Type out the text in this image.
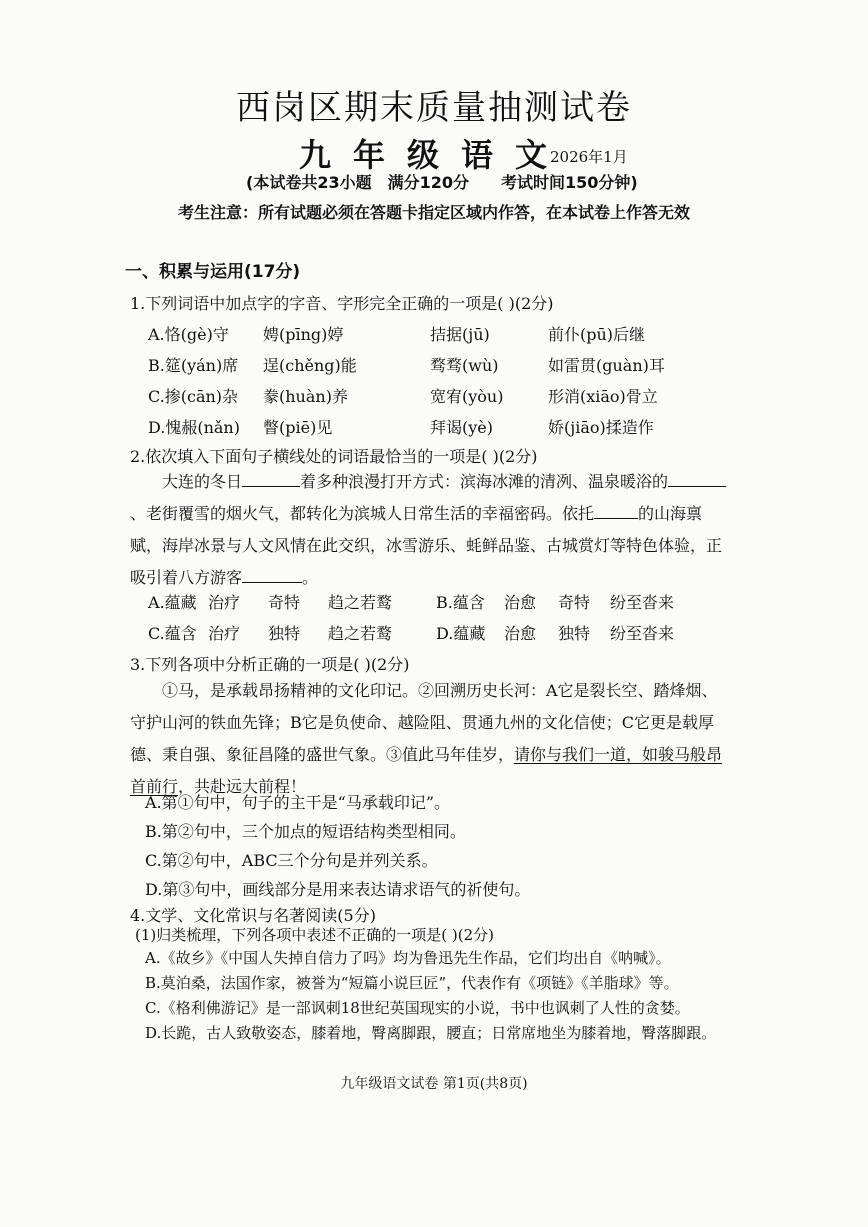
西岗区期末质量抽测试卷
九年级语文
2026年1月
(本试卷共23小题　满分120分　　考试时间150分钟)
考生注意：所有试题必须在答题卡指定区域内作答，在本试卷上作答无效
一、积累与运用(17分)
1.下列词语中加点字的字音、字形完全正确的一项是( )(2分)
A.恪(gè)守 娉(pīng)婷	拮据(jū)	前仆(pū)后继
B.筵(yán)席 逞(chěng)能	骛骛(wù)	如雷贯(guàn)耳
C.掺(cān)杂 豢(huàn)养	宽宥(yòu)	形消(xiāo)骨立
D.愧赧(nǎn) 瞥(piē)见	拜谒(yè)	娇(jiāo)揉造作
2.依次填入下面句子横线处的词语最恰当的一项是( )(2分)

大连的冬日	着多种浪漫打开方式：滨海冰滩的清冽、温泉暖浴的、老街覆雪的烟火气，都转化为滨城人日常生活的幸福密码。依托	的山海禀赋，海岸冰景与人文风情在此交织，冰雪游乐、蚝鲜品鉴、古城赏灯等特色体验，正吸引着八方游客	。

A.蕴藏 治疗 奇特 趋之若鹜	B.蕴含 治愈 奇特 纷至沓来
C.蕴含 治疗 独特 趋之若鹜	D.蕴藏 治愈 独特 纷至沓来
3.下列各项中分析正确的一项是( )(2分)

①马，是承载昂扬精神的文化印记。②回溯历史长河：A它是裂长空、踏烽烟、守护山河的铁血先锋；B它是负使命、越险阻、贯通九州的文化信使；C它更是载厚德、秉自强、象征昌隆的盛世气象。③值此马年佳岁，请你与我们一道，如骏马般昂首前行，共赴远大前程！

A.第①句中，句子的主干是“马承载印记”。
B.第②句中，三个加点的短语结构类型相同。
C.第②句中，ABC三个分句是并列关系。
D.第③句中，画线部分是用来表达请求语气的祈使句。
4.文学、文化常识与名著阅读(5分)
(1)归类梳理，下列各项中表述不正确的一项是( )(2分)
A.《故乡》《中国人失掉自信力了吗》均为鲁迅先生作品，它们均出自《呐喊》。
B.莫泊桑，法国作家，被誉为“短篇小说巨匠”，代表作有《项链》《羊脂球》等。
C.《格利佛游记》是一部讽刺18世纪英国现实的小说，书中也讽刺了人性的贪婪。
D.长跪，古人致敬姿态，膝着地，臀离脚跟，腰直；日常席地坐为膝着地，臀落脚跟。
九年级语文试卷 第1页(共8页)
